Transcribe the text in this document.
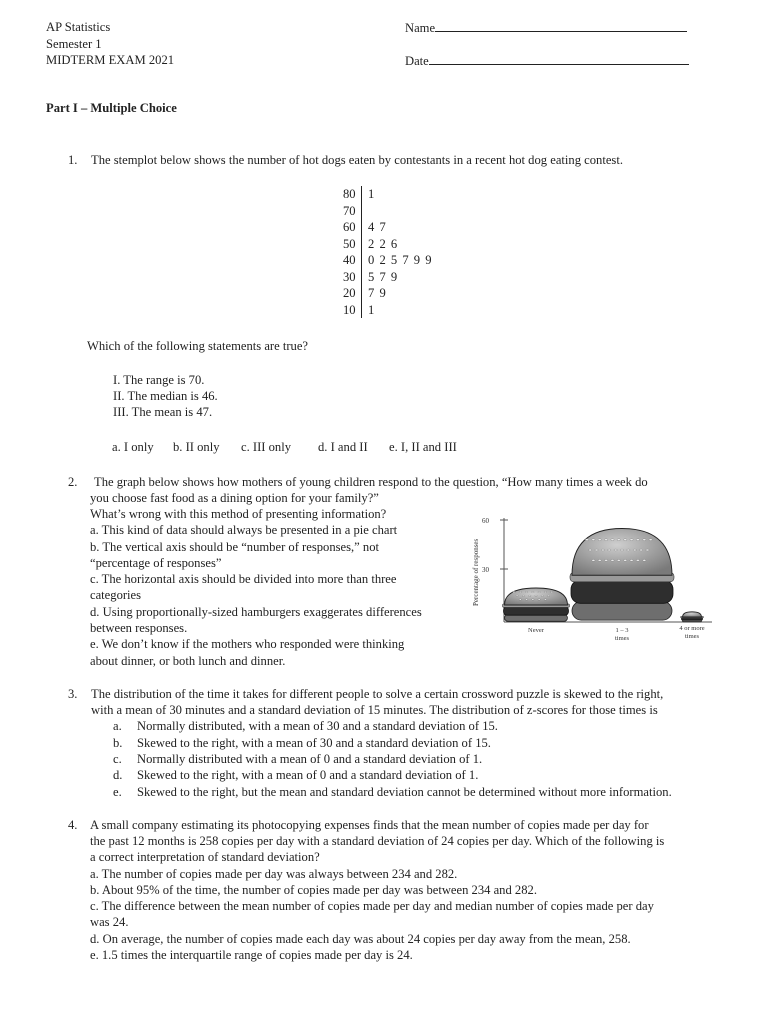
AP Statistics
Semester 1
MIDTERM EXAM 2021
Name
Date
Part I – Multiple Choice
1. The stemplot below shows the number of hot dogs eaten by contestants in a recent hot dog eating contest.
80 1
70
60 4 7
50 2 2 6
40 0 2 5 7 9 9
30 5 7 9
20 7 9
10 1
Which of the following statements are true?
I. The range is 70.
II. The median is 46.
III. The mean is 47.
a. I only b. II only c. III only d. I and II e. I, II and III
2. The graph below shows how mothers of young children respond to the question, “How many times a week do
you choose fast food as a dining option for your family?”
What’s wrong with this method of presenting information?
a. This kind of data should always be presented in a pie chart
b. The vertical axis should be “number of responses,” not
“percentage of responses”
c. The horizontal axis should be divided into more than three
categories
d. Using proportionally-sized hamburgers exaggerates differences
between responses.
e. We don’t know if the mothers who responded were thinking
about dinner, or both lunch and dinner.
60
30
Percentage of responses
Never	1 – 3
times
4 or more
times
3. The distribution of the time it takes for different people to solve a certain crossword puzzle is skewed to the right,
with a mean of 30 minutes and a standard deviation of 15 minutes. The distribution of z-scores for those times is
a. Normally distributed, with a mean of 30 and a standard deviation of 15.
b. Skewed to the right, with a mean of 30 and a standard deviation of 15.
c. Normally distributed with a mean of 0 and a standard deviation of 1.
d. Skewed to the right, with a mean of 0 and a standard deviation of 1.
e. Skewed to the right, but the mean and standard deviation cannot be determined without more information.
4. A small company estimating its photocopying expenses finds that the mean number of copies made per day for
the past 12 months is 258 copies per day with a standard deviation of 24 copies per day. Which of the following is
a correct interpretation of standard deviation?
a. The number of copies made per day was always between 234 and 282.
b. About 95% of the time, the number of copies made per day was between 234 and 282.
c. The difference between the mean number of copies made per day and median number of copies made per day
was 24.
d. On average, the number of copies made each day was about 24 copies per day away from the mean, 258.
e. 1.5 times the interquartile range of copies made per day is 24.
